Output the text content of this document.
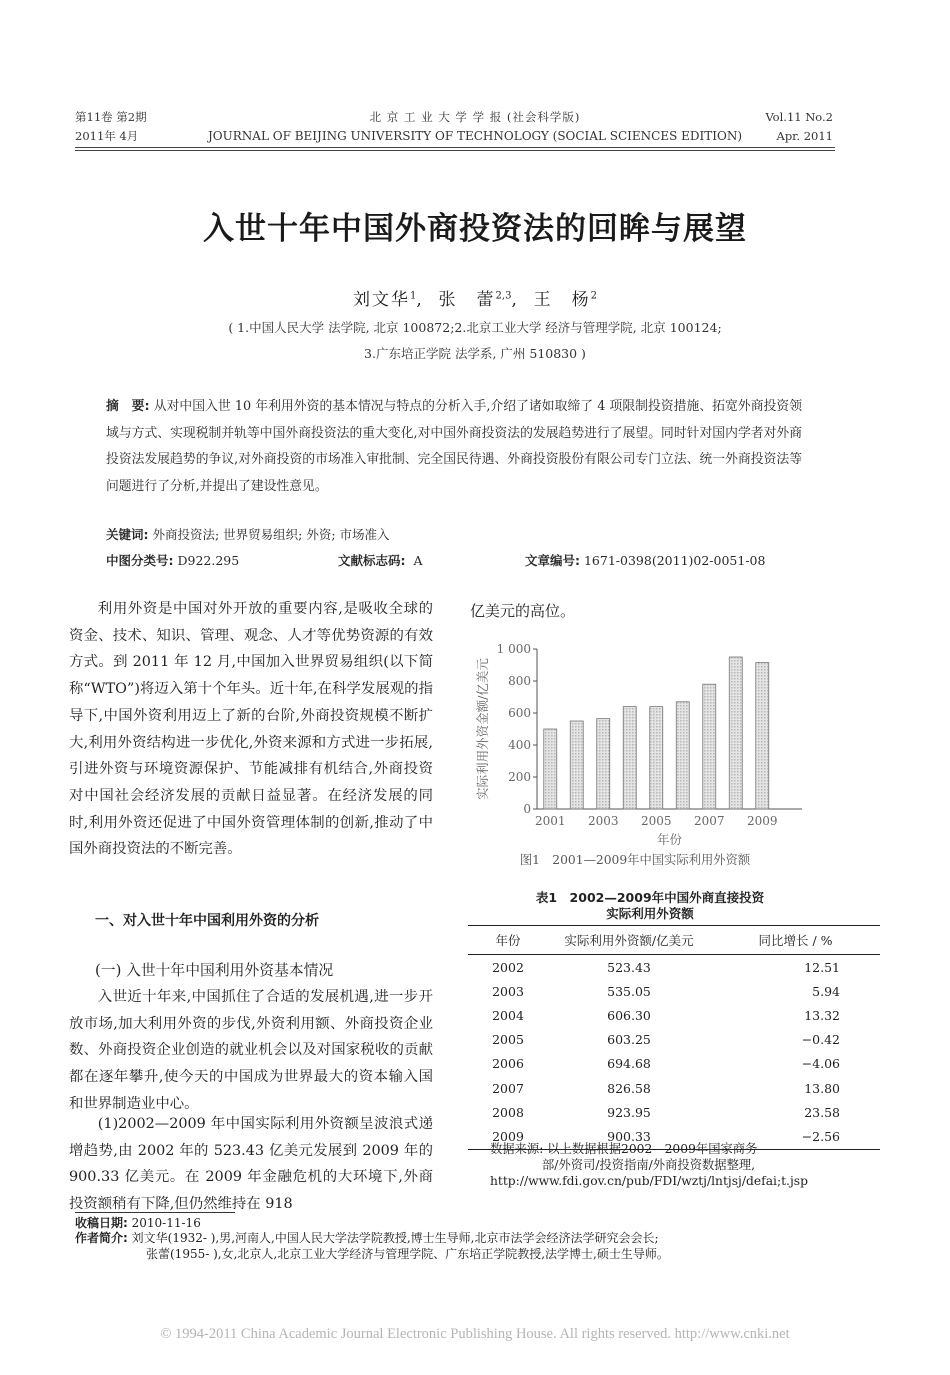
第11卷 第2期
2011年 4月
北 京 工 业 大 学 学 报 (社会科学版)
JOURNAL OF BEIJING UNIVERSITY OF TECHNOLOGY (SOCIAL SCIENCES EDITION)
Vol.11 No.2
Apr. 2011
入世十年中国外商投资法的回眸与展望
刘文华$^1$,  张　蕾$^{2,3}$,  王　杨$^2$
( 1.中国人民大学 法学院, 北京 100872;2.北京工业大学 经济与管理学院, 北京 100124;
3.广东培正学院 法学系, 广州 510830 )
摘　要: 从对中国入世 10 年利用外资的基本情况与特点的分析入手,介绍了诸如取缔了 4 项限制投资措施、拓宽外商投资领域与方式、实现税制并轨等中国外商投资法的重大变化,对中国外商投资法的发展趋势进行了展望。同时针对国内学者对外商投资法发展趋势的争议,对外商投资的市场准入审批制、完全国民待遇、外商投资股份有限公司专门立法、统一外商投资法等问题进行了分析,并提出了建设性意见。
关键词: 外商投资法; 世界贸易组织; 外资; 市场准入
中图分类号: D922.295	文献标志码: A	文章编号: 1671-0398(2011)02-0051-08
利用外资是中国对外开放的重要内容,是吸收全球的资金、技术、知识、管理、观念、人才等优势资源的有效方式。到 2011 年 12 月,中国加入世界贸易组织(以下简称“WTO”)将迈入第十个年头。近十年,在科学发展观的指导下,中国外资利用迈上了新的台阶,外商投资规模不断扩大,利用外资结构进一步优化,外资来源和方式进一步拓展,引进外资与环境资源保护、节能减排有机结合,外商投资对中国社会经济发展的贡献日益显著。在经济发展的同时,利用外资还促进了中国外资管理体制的创新,推动了中国外商投资法的不断完善。
一、对入世十年中国利用外资的分析
(一) 入世十年中国利用外资基本情况
入世近十年来,中国抓住了合适的发展机遇,进一步开放市场,加大利用外资的步伐,外资利用额、外商投资企业数、外商投资企业创造的就业机会以及对国家税收的贡献都在逐年攀升,使今天的中国成为世界最大的资本输入国和世界制造业中心。
(1)2002—2009 年中国实际利用外资额呈波浪式递增趋势,由 2002 年的 523.43 亿美元发展到 2009 年的 900.33 亿美元。在 2009 年金融危机的大环境下,外商投资额稍有下降,但仍然维持在 918
亿美元的高位。
0
200
400
600
800
1 000
2001 2003 2005 2007 2009
年份
实际利用外资金额/亿美元
图1　2001—2009年中国实际利用外资额
表1　2002—2009年中国外商直接投资
实际利用外资额
年份	实际利用外资额/亿美元	同比增长 / %
2002	523.43	12.51
2003	535.05	5.94
2004	606.30	13.32
2005	603.25	−0.42
2006	694.68	−4.06
2007	826.58	13.80
2008	923.95	23.58
2009	900.33	−2.56
数据来源: 以上数据根据2002—2009年国家商务
部/外资司/投资指南/外商投资数据整理,
http://www.fdi.gov.cn/pub/FDI/wztj/lntjsj/defai;t.jsp
收稿日期: 2010-11-16
作者简介: 刘文华(1932- ),男,河南人,中国人民大学法学院教授,博士生导师,北京市法学会经济法学研究会会长;
张蕾(1955- ),女,北京人,北京工业大学经济与管理学院、广东培正学院教授,法学博士,硕士生导师。
© 1994-2011 China Academic Journal Electronic Publishing House. All rights reserved. http://www.cnki.net
